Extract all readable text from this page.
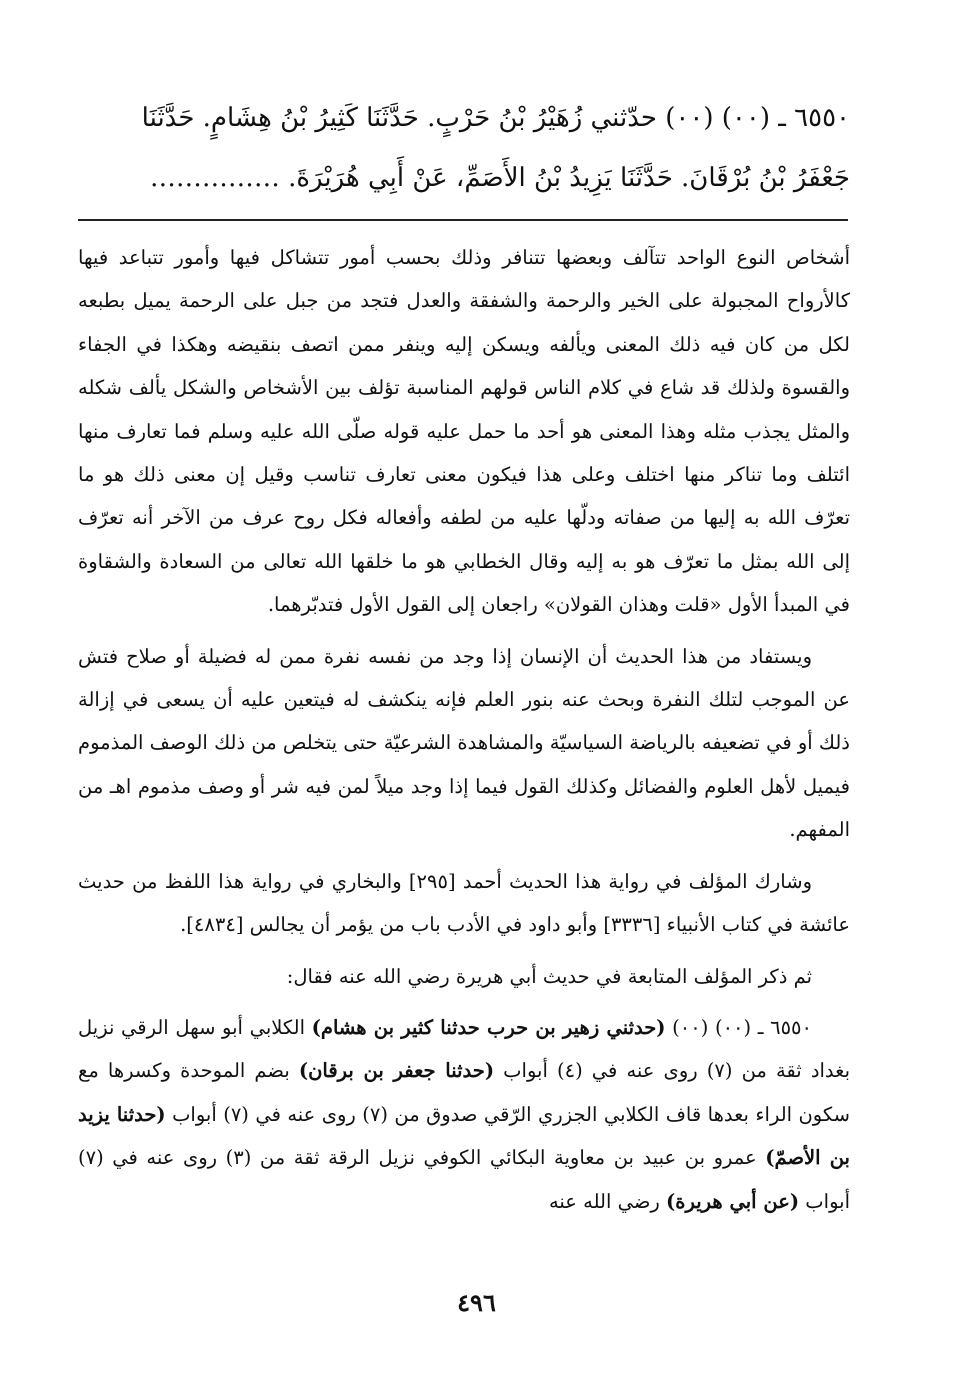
٦٥٥٠ ـ (٠٠) (٠٠) حدّثني زُهَيْرُ بْنُ حَرْبٍ. حَدَّثَنَا كَثِيرُ بْنُ هِشَامٍ. حَدَّثَنَا
جَعْفَرُ بْنُ بُرْقَانَ. حَدَّثَنَا يَزِيدُ بْنُ الأَصَمِّ، عَنْ أَبِي هُرَيْرَةَ. ……………

أشخاص النوع الواحد تتآلف وبعضها تتنافر وذلك بحسب أمور تتشاكل فيها وأمور تتباعد فيها كالأرواح المجبولة على الخير والرحمة والشفقة والعدل فتجد من جبل على الرحمة يميل بطبعه لكل من كان فيه ذلك المعنى ويألفه ويسكن إليه وينفر ممن اتصف بنقيضه وهكذا في الجفاء والقسوة ولذلك قد شاع في كلام الناس قولهم المناسبة تؤلف بين الأشخاص والشكل يألف شكله والمثل يجذب مثله وهذا المعنى هو أحد ما حمل عليه قوله صلّى الله عليه وسلم فما تعارف منها ائتلف وما تناكر منها اختلف وعلى هذا فيكون معنى تعارف تناسب وقيل إن معنى ذلك هو ما تعرّف الله به إليها من صفاته ودلّها عليه من لطفه وأفعاله فكل روح عرف من الآخر أنه تعرّف إلى الله بمثل ما تعرّف هو به إليه وقال الخطابي هو ما خلقها الله تعالى من السعادة والشقاوة في المبدأ الأول «قلت وهذان القولان» راجعان إلى القول الأول فتدبّرهما.

ويستفاد من هذا الحديث أن الإنسان إذا وجد من نفسه نفرة ممن له فضيلة أو صلاح فتش عن الموجب لتلك النفرة وبحث عنه بنور العلم فإنه ينكشف له فيتعين عليه أن يسعى في إزالة ذلك أو في تضعيفه بالرياضة السياسيّة والمشاهدة الشرعيّة حتى يتخلص من ذلك الوصف المذموم فيميل لأهل العلوم والفضائل وكذلك القول فيما إذا وجد ميلاً لمن فيه شر أو وصف مذموم اهـ من المفهم.

وشارك المؤلف في رواية هذا الحديث أحمد [٢٩٥] والبخاري في رواية هذا اللفظ من حديث عائشة في كتاب الأنبياء [٣٣٣٦] وأبو داود في الأدب باب من يؤمر أن يجالس [٤٨٣٤].

ثم ذكر المؤلف المتابعة في حديث أبي هريرة رضي الله عنه فقال:

٦٥٥٠ ـ (٠٠) (٠٠) (حدثني زهير بن حرب حدثنا كثير بن هشام) الكلابي أبو سهل الرقي نزيل بغداد ثقة من (٧) روى عنه في (٤) أبواب (حدثنا جعفر بن برقان) بضم الموحدة وكسرها مع سكون الراء بعدها قاف الكلابي الجزري الرّقي صدوق من (٧) روى عنه في (٧) أبواب (حدثنا يزيد بن الأصمّ) عمرو بن عبيد بن معاوية البكائي الكوفي نزيل الرقة ثقة من (٣) روى عنه في (٧) أبواب (عن أبي هريرة) رضي الله عنه

٤٩٦
